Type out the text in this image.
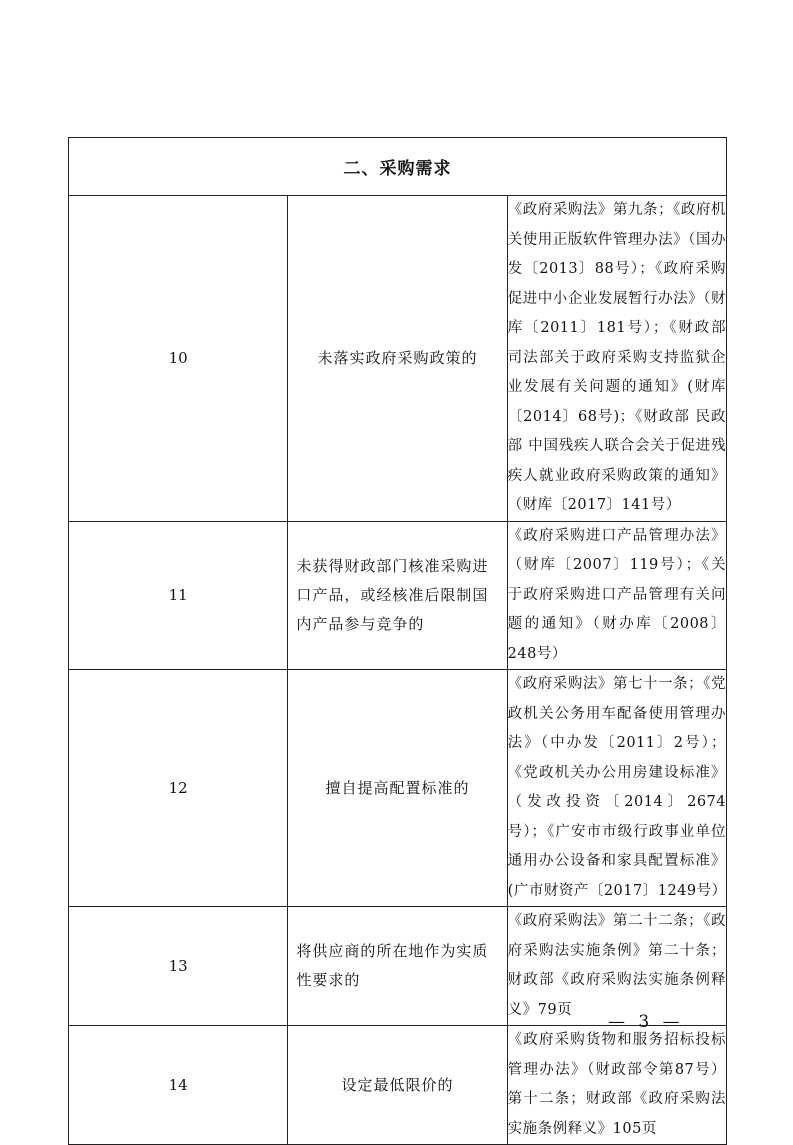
二、采购需求		
10	未落实政府采购政策的	《政府采购法》第九条；《政府机关使用正版软件管理办法》（国办发〔2013〕88号）；《政府采购促进中小企业发展暂行办法》（财库〔2011〕181号）；《财政部 司法部关于政府采购支持监狱企业发展有关问题的通知》(财库〔2014〕68号)；《财政部 民政部 中国残疾人联合会关于促进残疾人就业政府采购政策的通知》（财库〔2017〕141号）
11	未获得财政部门核准采购进口产品，或经核准后限制国内产品参与竞争的	《政府采购进口产品管理办法》（财库〔2007〕119号）；《关于政府采购进口产品管理有关问题的通知》（财办库〔2008〕248号）
12	擅自提高配置标准的	《政府采购法》第七十一条；《党政机关公务用车配备使用管理办法》（中办发〔2011〕2号）；《党政机关办公用房建设标准》（发改投资〔2014〕2674号）；《广安市市级行政事业单位通用办公设备和家具配置标准》(广市财资产〔2017〕1249号）
13	将供应商的所在地作为实质性要求的	《政府采购法》第二十二条；《政府采购法实施条例》第二十条；财政部《政府采购法实施条例释义》79页
14	设定最低限价的	《政府采购货物和服务招标投标管理办法》（财政部令第87号）第十二条；财政部《政府采购法实施条例释义》105页
— 3 —
